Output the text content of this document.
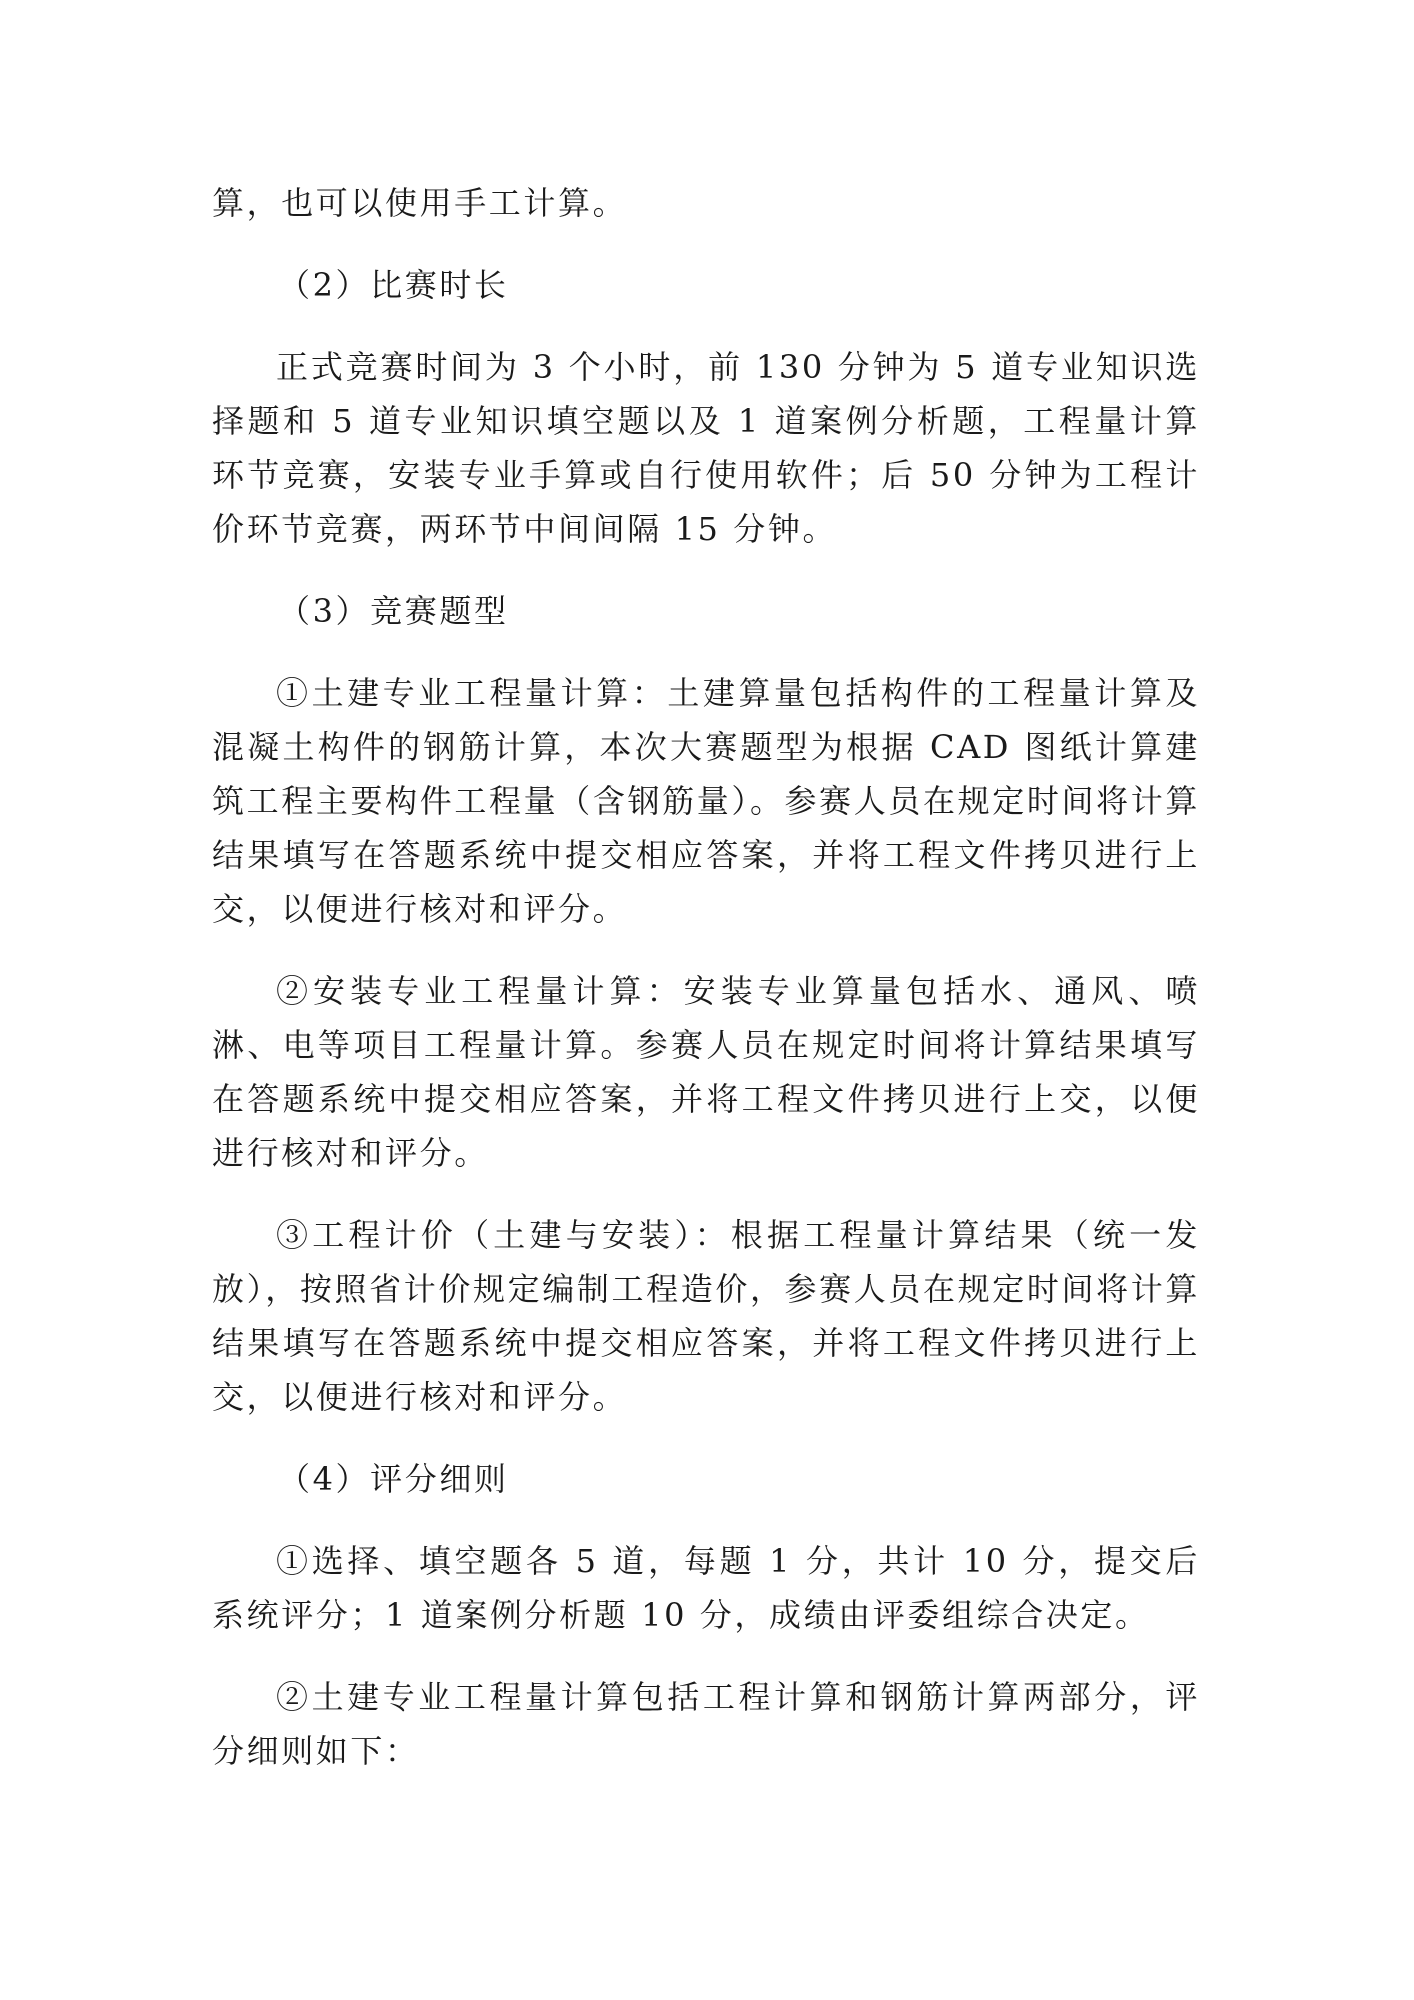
算，也可以使用手工计算。

（2）比赛时长

正式竞赛时间为 3 个小时，前 130 分钟为 5 道专业知识选择题和 5 道专业知识填空题以及 1 道案例分析题，工程量计算环节竞赛，安装专业手算或自行使用软件；后 50 分钟为工程计价环节竞赛，两环节中间间隔 15 分钟。

（3）竞赛题型

①土建专业工程量计算：土建算量包括构件的工程量计算及混凝土构件的钢筋计算，本次大赛题型为根据 CAD 图纸计算建筑工程主要构件工程量（含钢筋量）。参赛人员在规定时间将计算结果填写在答题系统中提交相应答案，并将工程文件拷贝进行上交，以便进行核对和评分。

②安装专业工程量计算：安装专业算量包括水、通风、喷淋、电等项目工程量计算。参赛人员在规定时间将计算结果填写在答题系统中提交相应答案，并将工程文件拷贝进行上交，以便进行核对和评分。

③工程计价（土建与安装）：根据工程量计算结果（统一发放），按照省计价规定编制工程造价，参赛人员在规定时间将计算结果填写在答题系统中提交相应答案，并将工程文件拷贝进行上交，以便进行核对和评分。

（4）评分细则

①选择、填空题各 5 道，每题 1 分，共计 10 分，提交后系统评分；1 道案例分析题 10 分，成绩由评委组综合决定。

②土建专业工程量计算包括工程计算和钢筋计算两部分，评分细则如下：
